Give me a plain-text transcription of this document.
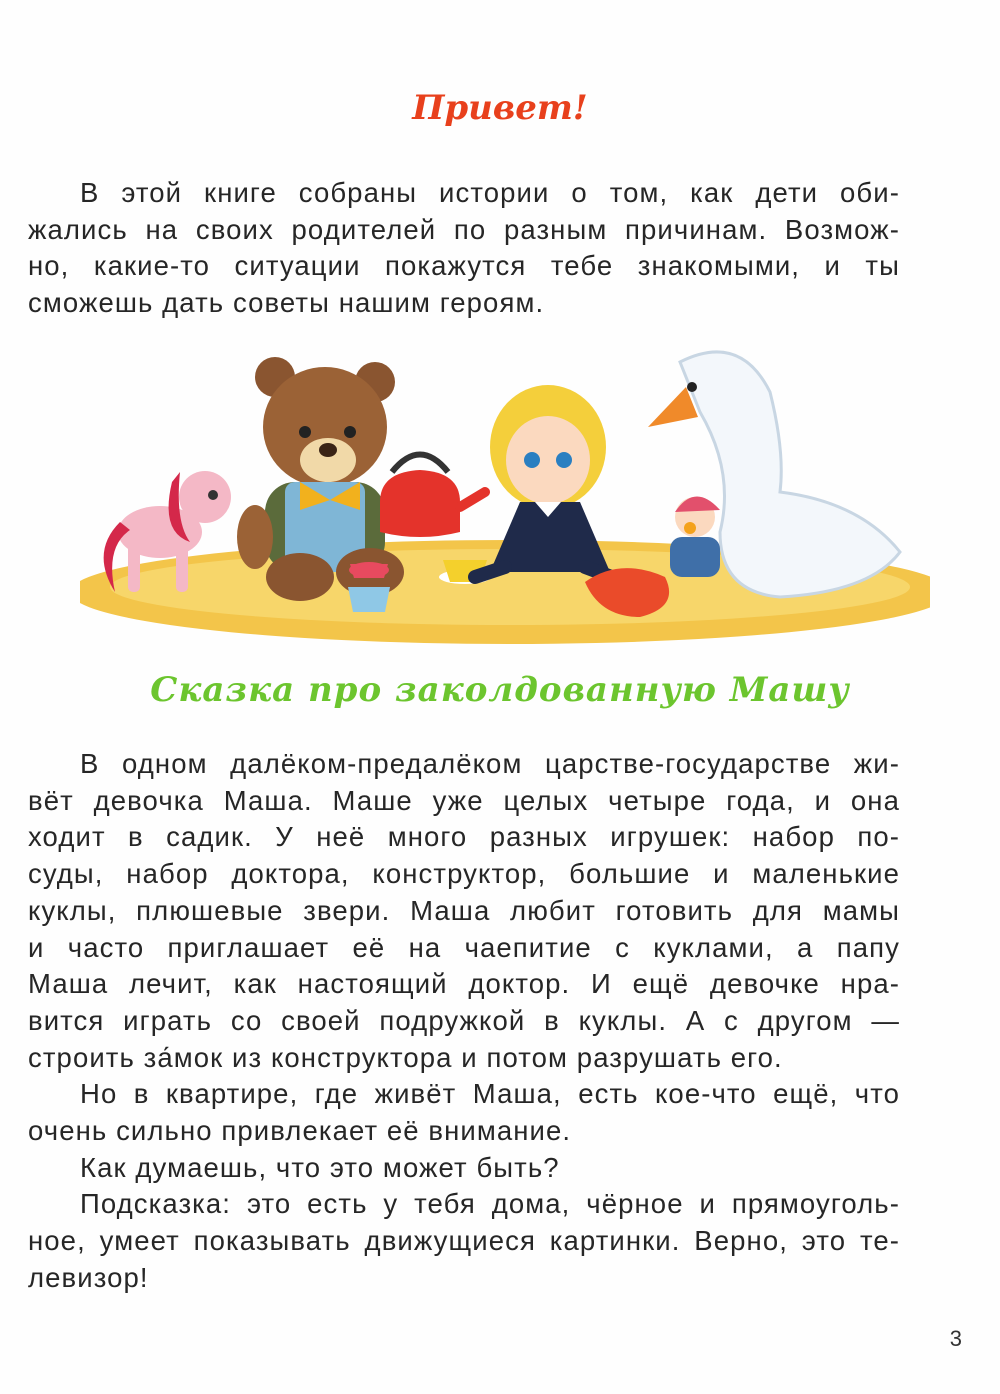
Привет!

В этой книге собраны истории о том, как дети оби-
жались на своих родителей по разным причинам. Возмож-
но, какие-то ситуации покажутся тебе знакомыми, и ты
сможешь дать советы нашим героям.

Сказка про заколдованную Машу

В одном далёком-предалёком царстве-государстве жи-
вёт девочка Маша. Маше уже целых четыре года, и она
ходит в садик. У неё много разных игрушек: набор по-
суды, набор доктора, конструктор, большие и маленькие
куклы, плюшевые звери. Маша любит готовить для мамы
и часто приглашает её на чаепитие с куклами, а папу
Маша лечит, как настоящий доктор. И ещё девочке нра-
вится играть со своей подружкой в куклы. А с другом —
строить за́мок из конструктора и потом разрушать его.

Но в квартире, где живёт Маша, есть кое-что ещё, что
очень сильно привлекает её внимание.

Как думаешь, что это может быть?

Подсказка: это есть у тебя дома, чёрное и прямоуголь-
ное, умеет показывать движущиеся картинки. Верно, это те-
левизор!

3
